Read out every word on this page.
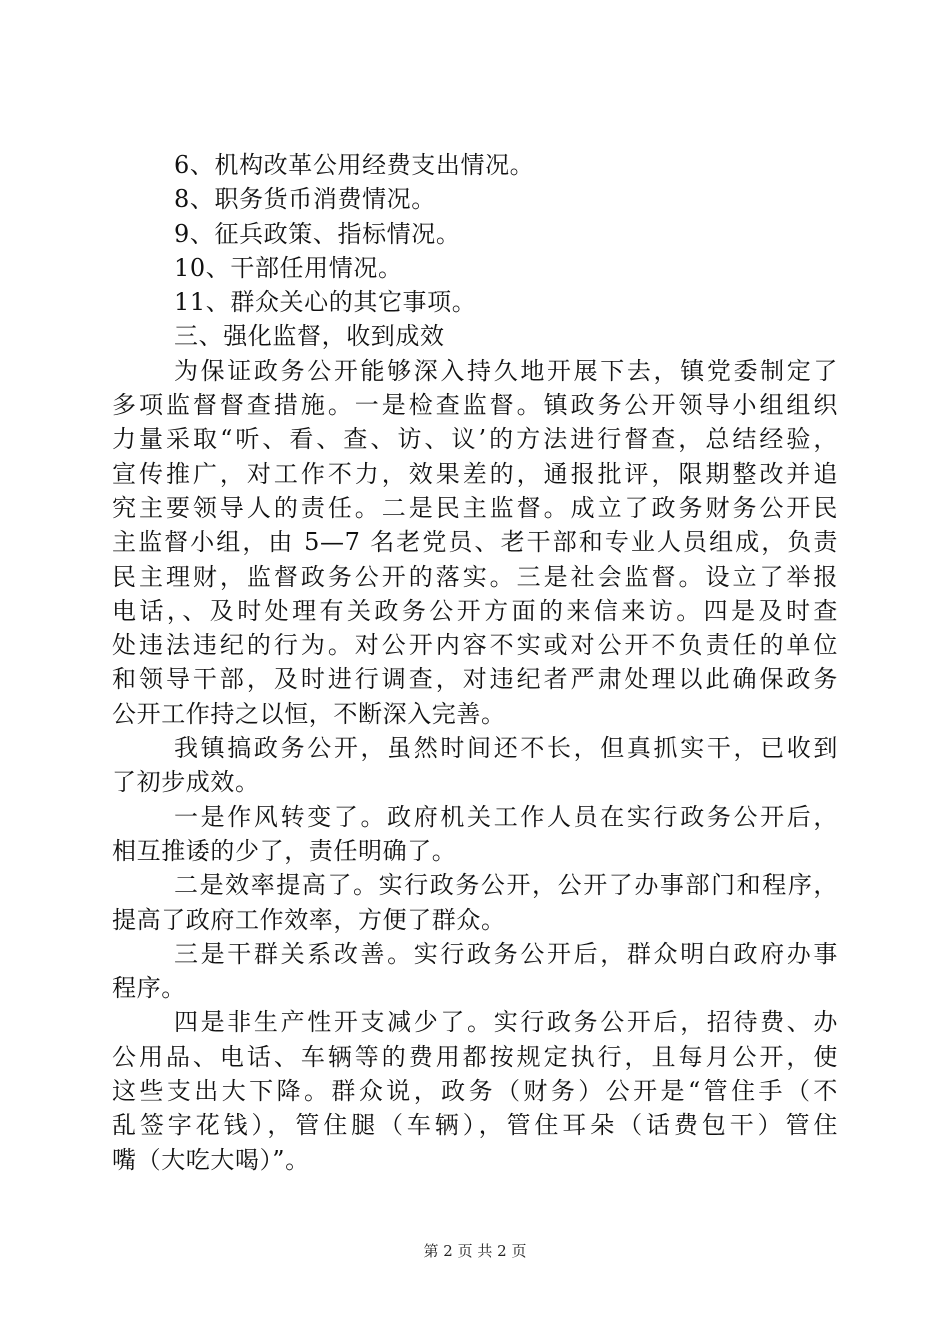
6、机构改革公用经费支出情况。
8、职务货币消费情况。
9、征兵政策、指标情况。
10、干部任用情况。
11、群众关心的其它事项。
三、强化监督，收到成效
为保证政务公开能够深入持久地开展下去，镇党委制定了
多项监督督查措施。一是检查监督。镇政务公开领导小组组织
力量采取“听、看、查、访、议’的方法进行督查，总结经验，
宣传推广，对工作不力，效果差的，通报批评，限期整改并追
究主要领导人的责任。二是民主监督。成立了政务财务公开民
主监督小组，由 5—7 名老党员、老干部和专业人员组成，负责
民主理财，监督政务公开的落实。三是社会监督。设立了举报
电话，、及时处理有关政务公开方面的来信来访。四是及时查
处违法违纪的行为。对公开内容不实或对公开不负责任的单位
和领导干部，及时进行调查，对违纪者严肃处理以此确保政务
公开工作持之以恒，不断深入完善。
我镇搞政务公开，虽然时间还不长，但真抓实干，已收到
了初步成效。
一是作风转变了。政府机关工作人员在实行政务公开后，
相互推诿的少了，责任明确了。
二是效率提高了。实行政务公开，公开了办事部门和程序，
提高了政府工作效率，方便了群众。
三是干群关系改善。实行政务公开后，群众明白政府办事
程序。
四是非生产性开支减少了。实行政务公开后，招待费、办
公用品、电话、车辆等的费用都按规定执行，且每月公开，使
这些支出大下降。群众说，政务（财务）公开是“管住手（不
乱签字花钱），管住腿（车辆），管住耳朵（话费包干）管住
嘴（大吃大喝）”。
第 2 页 共 2 页
